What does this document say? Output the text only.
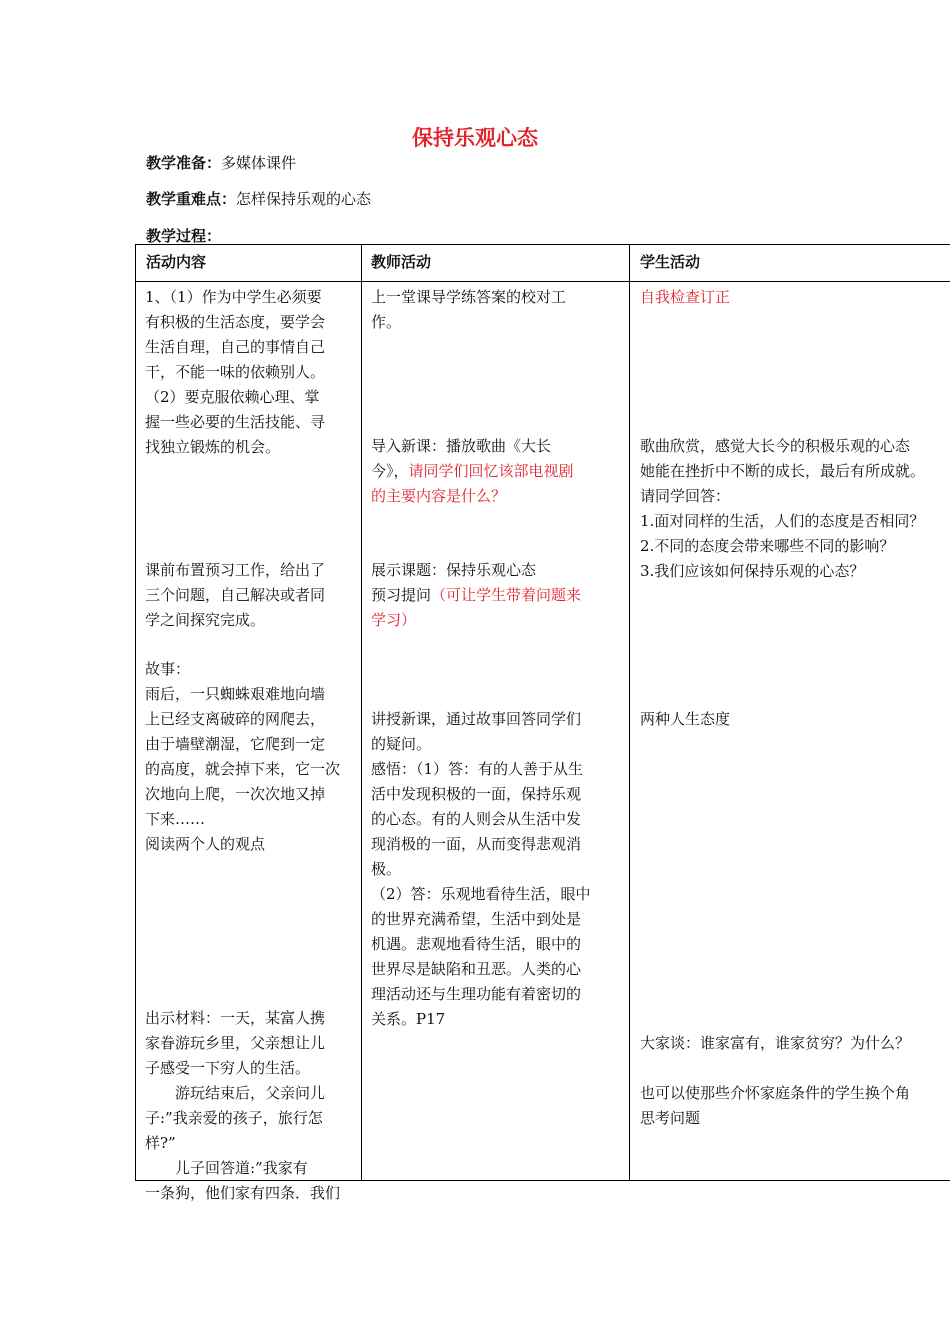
保持乐观心态
教学准备：多媒体课件
教学重难点：怎样保持乐观的心态
教学过程：
活动内容	教师活动	学生活动
1、（1）作为中学生必须要
有积极的生活态度，要学会
生活自理，自己的事情自己
干，不能一味的依赖别人。
（2）要克服依赖心理、掌
握一些必要的生活技能、寻
找独立锻炼的机会。
课前布置预习工作，给出了
三个问题，自己解决或者同
学之间探究完成。
故事：
雨后，一只蜘蛛艰难地向墙
上已经支离破碎的网爬去，
由于墙壁潮湿，它爬到一定
的高度，就会掉下来，它一次
次地向上爬，一次次地又掉
下来……
阅读两个人的观点
出示材料：一天，某富人携
家眷游玩乡里，父亲想让儿
子感受一下穷人的生活。
　　游玩结束后，父亲问儿
子:”我亲爱的孩子，旅行怎
样?”
　　儿子回答道:”我家有
一条狗，他们家有四条．我们
上一堂课导学练答案的校对工
作。
导入新课：播放歌曲《大长
今》，请同学们回忆该部电视剧
的主要内容是什么？
展示课题：保持乐观心态
预习提问（可让学生带着问题来
学习）
讲授新课，通过故事回答同学们
的疑问。
感悟：（1）答：有的人善于从生
活中发现积极的一面，保持乐观
的心态。有的人则会从生活中发
现消极的一面，从而变得悲观消
极。
（2）答：乐观地看待生活，眼中
的世界充满希望，生活中到处是
机遇。悲观地看待生活，眼中的
世界尽是缺陷和丑恶。人类的心
理活动还与生理功能有着密切的
关系。P17
自我检查订正
歌曲欣赏，感觉大长今的积极乐观的心态
她能在挫折中不断的成长，最后有所成就。
请同学回答：
1.面对同样的生活，人们的态度是否相同？
2.不同的态度会带来哪些不同的影响？
3.我们应该如何保持乐观的心态？
两种人生态度
大家谈：谁家富有，谁家贫穷？为什么？

也可以使那些介怀家庭条件的学生换个角
思考问题
